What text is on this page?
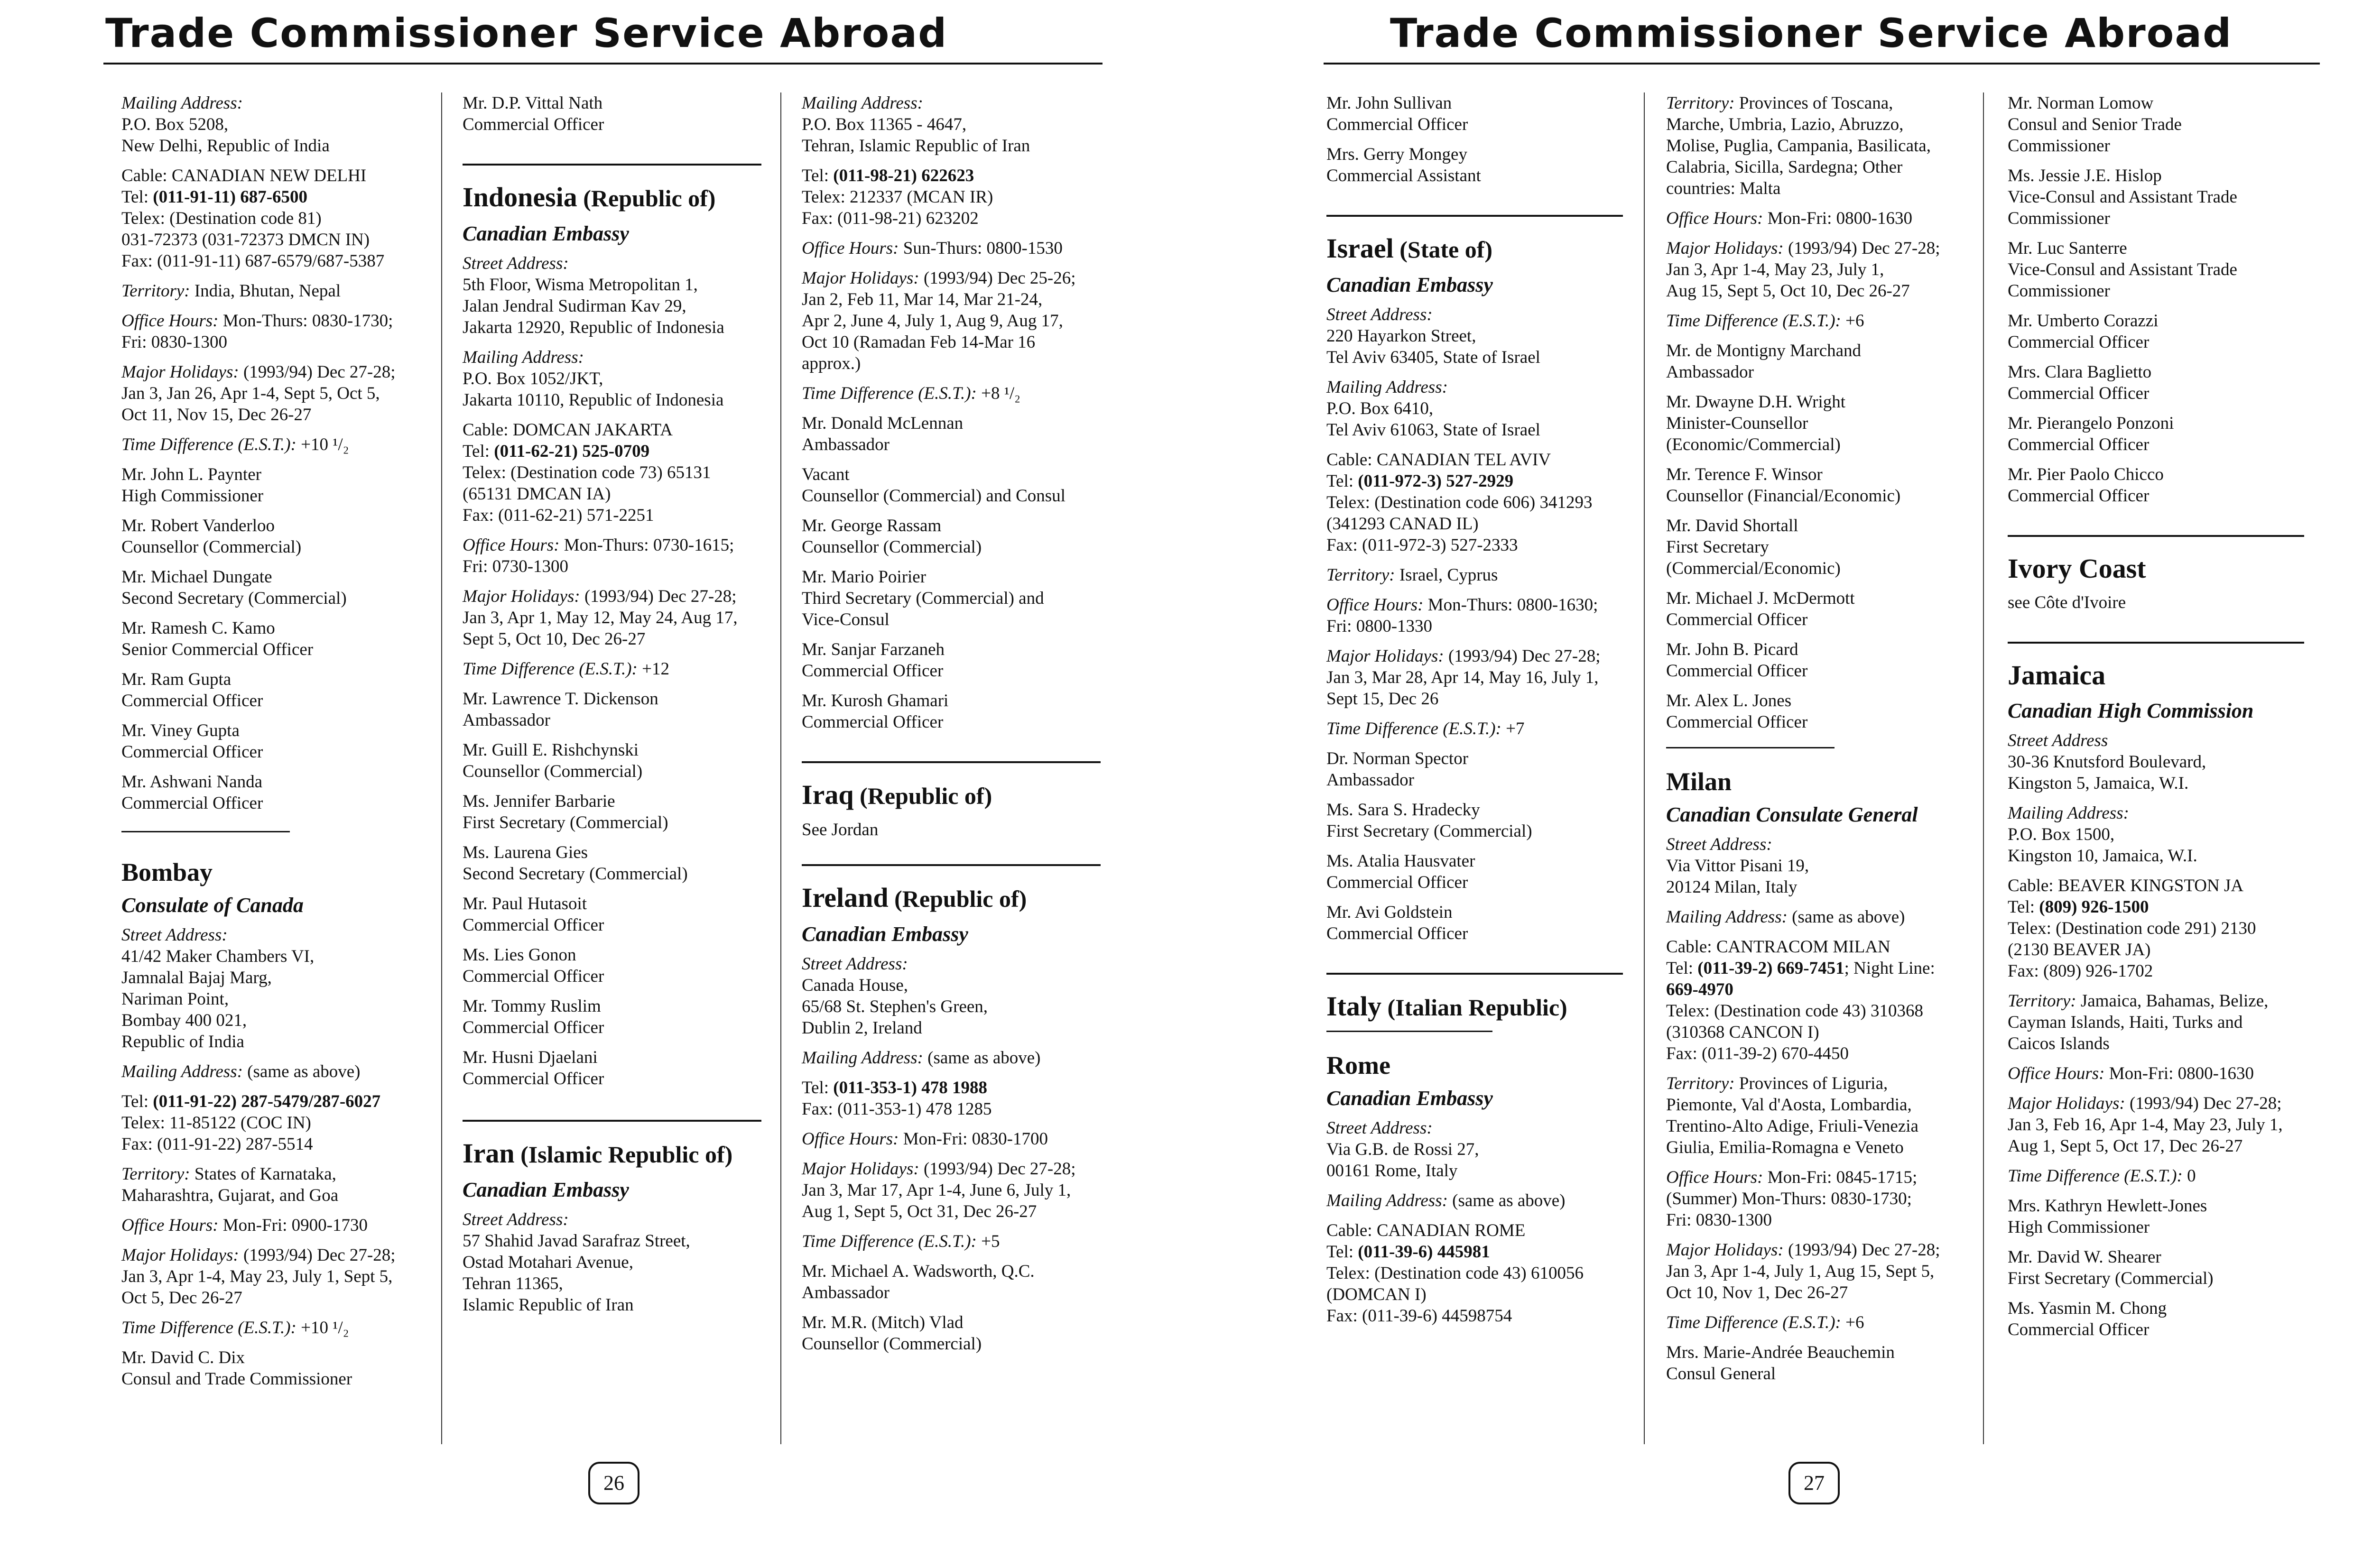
Trade Commissioner Service Abroad	Trade Commissioner Service Abroad

Mailing Address:
P.O. Box 5208,
New Delhi, Republic of India

Cable: CANADIAN NEW DELHI
Tel: (011-91-11) 687-6500
Telex: (Destination code 81)
031-72373 (031-72373 DMCN IN)
Fax: (011-91-11) 687-6579/687-5387

Territory: India, Bhutan, Nepal

Office Hours: Mon-Thurs: 0830-1730;
Fri: 0830-1300

Major Holidays: (1993/94) Dec 27-28;
Jan 3, Jan 26, Apr 1-4, Sept 5, Oct 5,
Oct 11, Nov 15, Dec 26-27

Time Difference (E.S.T.): +10 ¹/₂

Mr. John L. Paynter
High Commissioner

Mr. Robert Vanderloo
Counsellor (Commercial)

Mr. Michael Dungate
Second Secretary (Commercial)

Mr. Ramesh C. Kamo
Senior Commercial Officer

Mr. Ram Gupta
Commercial Officer

Mr. Viney Gupta
Commercial Officer

Mr. Ashwani Nanda
Commercial Officer

Bombay
Consulate of Canada

Street Address:
41/42 Maker Chambers VI,
Jamnalal Bajaj Marg,
Nariman Point,
Bombay 400 021,
Republic of India

Mailing Address: (same as above)

Tel: (011-91-22) 287-5479/287-6027
Telex: 11-85122 (COC IN)
Fax: (011-91-22) 287-5514

Territory: States of Karnataka,
Maharashtra, Gujarat, and Goa

Office Hours: Mon-Fri: 0900-1730

Major Holidays: (1993/94) Dec 27-28;
Jan 3, Apr 1-4, May 23, July 1, Sept 5,
Oct 5, Dec 26-27

Time Difference (E.S.T.): +10 ¹/₂

Mr. David C. Dix
Consul and Trade Commissioner

Mr. D.P. Vittal Nath
Commercial Officer

Indonesia (Republic of)
Canadian Embassy

Street Address:
5th Floor, Wisma Metropolitan 1,
Jalan Jendral Sudirman Kav 29,
Jakarta 12920, Republic of Indonesia

Mailing Address:
P.O. Box 1052/JKT,
Jakarta 10110, Republic of Indonesia

Cable: DOMCAN JAKARTA
Tel: (011-62-21) 525-0709
Telex: (Destination code 73) 65131
(65131 DMCAN IA)
Fax: (011-62-21) 571-2251

Office Hours: Mon-Thurs: 0730-1615;
Fri: 0730-1300

Major Holidays: (1993/94) Dec 27-28;
Jan 3, Apr 1, May 12, May 24, Aug 17,
Sept 5, Oct 10, Dec 26-27

Time Difference (E.S.T.): +12

Mr. Lawrence T. Dickenson
Ambassador

Mr. Guill E. Rishchynski
Counsellor (Commercial)

Ms. Jennifer Barbarie
First Secretary (Commercial)

Ms. Laurena Gies
Second Secretary (Commercial)

Mr. Paul Hutasoit
Commercial Officer

Ms. Lies Gonon
Commercial Officer

Mr. Tommy Ruslim
Commercial Officer

Mr. Husni Djaelani
Commercial Officer

Iran (Islamic Republic of)
Canadian Embassy

Street Address:
57 Shahid Javad Sarafraz Street,
Ostad Motahari Avenue,
Tehran 11365,
Islamic Republic of Iran

Mailing Address:
P.O. Box 11365 - 4647,
Tehran, Islamic Republic of Iran

Tel: (011-98-21) 622623
Telex: 212337 (MCAN IR)
Fax: (011-98-21) 623202

Office Hours: Sun-Thurs: 0800-1530

Major Holidays: (1993/94) Dec 25-26;
Jan 2, Feb 11, Mar 14, Mar 21-24,
Apr 2, June 4, July 1, Aug 9, Aug 17,
Oct 10 (Ramadan Feb 14-Mar 16
approx.)

Time Difference (E.S.T.): +8 ¹/₂

Mr. Donald McLennan
Ambassador

Vacant
Counsellor (Commercial) and Consul

Mr. George Rassam
Counsellor (Commercial)

Mr. Mario Poirier
Third Secretary (Commercial) and
Vice-Consul

Mr. Sanjar Farzaneh
Commercial Officer

Mr. Kurosh Ghamari
Commercial Officer

Iraq (Republic of)

See Jordan

Ireland (Republic of)
Canadian Embassy

Street Address:
Canada House,
65/68 St. Stephen's Green,
Dublin 2, Ireland

Mailing Address: (same as above)

Tel: (011-353-1) 478 1988
Fax: (011-353-1) 478 1285

Office Hours: Mon-Fri: 0830-1700

Major Holidays: (1993/94) Dec 27-28;
Jan 3, Mar 17, Apr 1-4, June 6, July 1,
Aug 1, Sept 5, Oct 31, Dec 26-27

Time Difference (E.S.T.): +5

Mr. Michael A. Wadsworth, Q.C.
Ambassador

Mr. M.R. (Mitch) Vlad
Counsellor (Commercial)

Mr. John Sullivan
Commercial Officer

Mrs. Gerry Mongey
Commercial Assistant

Israel (State of)
Canadian Embassy

Street Address:
220 Hayarkon Street,
Tel Aviv 63405, State of Israel

Mailing Address:
P.O. Box 6410,
Tel Aviv 61063, State of Israel

Cable: CANADIAN TEL AVIV
Tel: (011-972-3) 527-2929
Telex: (Destination code 606) 341293
(341293 CANAD IL)
Fax: (011-972-3) 527-2333

Territory: Israel, Cyprus

Office Hours: Mon-Thurs: 0800-1630;
Fri: 0800-1330

Major Holidays: (1993/94) Dec 27-28;
Jan 3, Mar 28, Apr 14, May 16, July 1,
Sept 15, Dec 26

Time Difference (E.S.T.): +7

Dr. Norman Spector
Ambassador

Ms. Sara S. Hradecky
First Secretary (Commercial)

Ms. Atalia Hausvater
Commercial Officer

Mr. Avi Goldstein
Commercial Officer

Italy (Italian Republic)
Rome
Canadian Embassy

Street Address:
Via G.B. de Rossi 27,
00161 Rome, Italy

Mailing Address: (same as above)

Cable: CANADIAN ROME
Tel: (011-39-6) 445981
Telex: (Destination code 43) 610056
(DOMCAN I)
Fax: (011-39-6) 44598754

Territory: Provinces of Toscana,
Marche, Umbria, Lazio, Abruzzo,
Molise, Puglia, Campania, Basilicata,
Calabria, Sicilla, Sardegna; Other
countries: Malta

Office Hours: Mon-Fri: 0800-1630

Major Holidays: (1993/94) Dec 27-28;
Jan 3, Apr 1-4, May 23, July 1,
Aug 15, Sept 5, Oct 10, Dec 26-27

Time Difference (E.S.T.): +6

Mr. de Montigny Marchand
Ambassador

Mr. Dwayne D.H. Wright
Minister-Counsellor
(Economic/Commercial)

Mr. Terence F. Winsor
Counsellor (Financial/Economic)

Mr. David Shortall
First Secretary
(Commercial/Economic)

Mr. Michael J. McDermott
Commercial Officer

Mr. John B. Picard
Commercial Officer

Mr. Alex L. Jones
Commercial Officer

Milan
Canadian Consulate General

Street Address:
Via Vittor Pisani 19,
20124 Milan, Italy

Mailing Address: (same as above)

Cable: CANTRACOM MILAN
Tel: (011-39-2) 669-7451; Night Line:
669-4970
Telex: (Destination code 43) 310368
(310368 CANCON I)
Fax: (011-39-2) 670-4450

Territory: Provinces of Liguria,
Piemonte, Val d'Aosta, Lombardia,
Trentino-Alto Adige, Friuli-Venezia
Giulia, Emilia-Romagna e Veneto

Office Hours: Mon-Fri: 0845-1715;
(Summer) Mon-Thurs: 0830-1730;
Fri: 0830-1300

Major Holidays: (1993/94) Dec 27-28;
Jan 3, Apr 1-4, July 1, Aug 15, Sept 5,
Oct 10, Nov 1, Dec 26-27

Time Difference (E.S.T.): +6

Mrs. Marie-Andrée Beauchemin
Consul General

Mr. Norman Lomow
Consul and Senior Trade
Commissioner

Ms. Jessie J.E. Hislop
Vice-Consul and Assistant Trade
Commissioner

Mr. Luc Santerre
Vice-Consul and Assistant Trade
Commissioner

Mr. Umberto Corazzi
Commercial Officer

Mrs. Clara Baglietto
Commercial Officer

Mr. Pierangelo Ponzoni
Commercial Officer

Mr. Pier Paolo Chicco
Commercial Officer

Ivory Coast

see Côte d'Ivoire

Jamaica
Canadian High Commission

Street Address
30-36 Knutsford Boulevard,
Kingston 5, Jamaica, W.I.

Mailing Address:
P.O. Box 1500,
Kingston 10, Jamaica, W.I.

Cable: BEAVER KINGSTON JA
Tel: (809) 926-1500
Telex: (Destination code 291) 2130
(2130 BEAVER JA)
Fax: (809) 926-1702

Territory: Jamaica, Bahamas, Belize,
Cayman Islands, Haiti, Turks and
Caicos Islands

Office Hours: Mon-Fri: 0800-1630

Major Holidays: (1993/94) Dec 27-28;
Jan 3, Feb 16, Apr 1-4, May 23, July 1,
Aug 1, Sept 5, Oct 17, Dec 26-27

Time Difference (E.S.T.): 0

Mrs. Kathryn Hewlett-Jones
High Commissioner

Mr. David W. Shearer
First Secretary (Commercial)

Ms. Yasmin M. Chong
Commercial Officer

26	27
